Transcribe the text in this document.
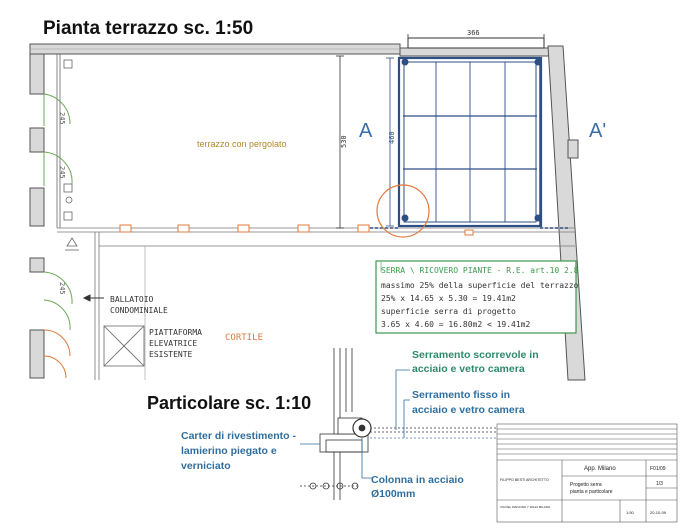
Pianta terrazzo sc. 1:50
Particolare sc. 1:10
245
245
245
530
terrazzo con pergolato
366
460
A	A'
SERRA \ RICOVERO PIANTE - R.E. art.10 2.8
massimo 25% della superficie del terrazzo
25% x 14.65 x 5.30 = 19.41m2
superficie serra di progetto
3.65 x 4.60 = 16.80m2 < 19.41m2
BALLATOIO
CONDOMINIALE
PIATTAFORMA
ELEVATRICE
ESISTENTE
CORTILE
Serramento scorrevole in
acciaio e vetro camera
Serramento fisso in
acciaio e vetro camera
Carter di rivestimento -
lamierino piegato e
verniciato
Colonna in acciaio
Ø100mm
FILIPPO BESTI ARCHITETTO
App. Milano	F01/09
Progetto serra
pianta e particolare
1/3
1:50	20-10-09
VIA DEL MANCINO 7 20123 MILANO
